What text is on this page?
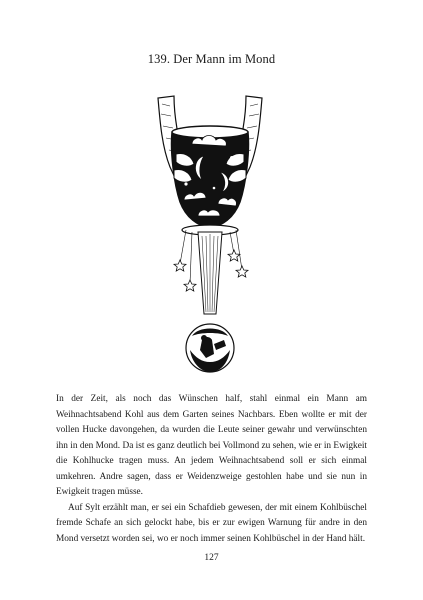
139. Der Mann im Mond

In der Zeit, als noch das Wünschen half, stahl einmal ein Mann am Weihnachtsabend Kohl aus dem Garten seines Nachbars. Eben wollte er mit der vollen Hucke davongehen, da wurden die Leute seiner gewahr und verwünschten ihn in den Mond. Da ist es ganz deutlich bei Vollmond zu sehen, wie er in Ewigkeit die Kohlhucke tragen muss. An jedem Weihnachtsabend soll er sich einmal umkehren. Andre sagen, dass er Weidenzweige gestohlen habe und sie nun in Ewigkeit tragen müsse.

Auf Sylt erzählt man, er sei ein Schafdieb gewesen, der mit einem Kohlbüschel fremde Schafe an sich gelockt habe, bis er zur ewigen Warnung für andre in den Mond versetzt worden sei, wo er noch immer seinen Kohlbüschel in der Hand hält.

127
